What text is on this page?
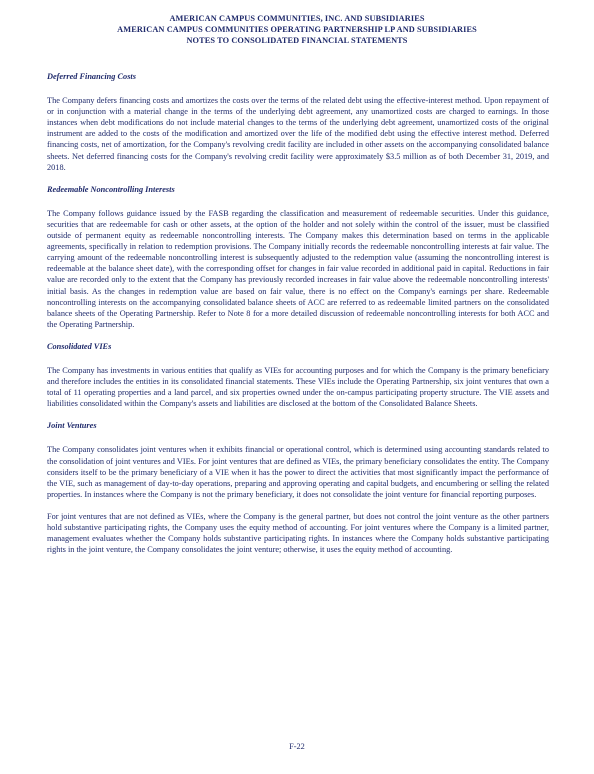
AMERICAN CAMPUS COMMUNITIES, INC. AND SUBSIDIARIES
AMERICAN CAMPUS COMMUNITIES OPERATING PARTNERSHIP LP AND SUBSIDIARIES
NOTES TO CONSOLIDATED FINANCIAL STATEMENTS

Deferred Financing Costs

The Company defers financing costs and amortizes the costs over the terms of the related debt using the effective-interest method. Upon repayment of or in conjunction with a material change in the terms of the underlying debt agreement, any unamortized costs are charged to earnings. In those instances when debt modifications do not include material changes to the terms of the underlying debt agreement, unamortized costs of the original instrument are added to the costs of the modification and amortized over the life of the modified debt using the effective interest method. Deferred financing costs, net of amortization, for the Company's revolving credit facility are included in other assets on the accompanying consolidated balance sheets. Net deferred financing costs for the Company's revolving credit facility were approximately $3.5 million as of both December 31, 2019, and 2018.

Redeemable Noncontrolling Interests

The Company follows guidance issued by the FASB regarding the classification and measurement of redeemable securities. Under this guidance, securities that are redeemable for cash or other assets, at the option of the holder and not solely within the control of the issuer, must be classified outside of permanent equity as redeemable noncontrolling interests. The Company makes this determination based on terms in the applicable agreements, specifically in relation to redemption provisions. The Company initially records the redeemable noncontrolling interests at fair value. The carrying amount of the redeemable noncontrolling interest is subsequently adjusted to the redemption value (assuming the noncontrolling interest is redeemable at the balance sheet date), with the corresponding offset for changes in fair value recorded in additional paid in capital. Reductions in fair value are recorded only to the extent that the Company has previously recorded increases in fair value above the redeemable noncontrolling interests' initial basis. As the changes in redemption value are based on fair value, there is no effect on the Company's earnings per share. Redeemable noncontrolling interests on the accompanying consolidated balance sheets of ACC are referred to as redeemable limited partners on the consolidated balance sheets of the Operating Partnership. Refer to Note 8 for a more detailed discussion of redeemable noncontrolling interests for both ACC and the Operating Partnership.

Consolidated VIEs

The Company has investments in various entities that qualify as VIEs for accounting purposes and for which the Company is the primary beneficiary and therefore includes the entities in its consolidated financial statements. These VIEs include the Operating Partnership, six joint ventures that own a total of 11 operating properties and a land parcel, and six properties owned under the on-campus participating property structure. The VIE assets and liabilities consolidated within the Company's assets and liabilities are disclosed at the bottom of the Consolidated Balance Sheets.

Joint Ventures

The Company consolidates joint ventures when it exhibits financial or operational control, which is determined using accounting standards related to the consolidation of joint ventures and VIEs. For joint ventures that are defined as VIEs, the primary beneficiary consolidates the entity. The Company considers itself to be the primary beneficiary of a VIE when it has the power to direct the activities that most significantly impact the performance of the VIE, such as management of day-to-day operations, preparing and approving operating and capital budgets, and encumbering or selling the related properties. In instances where the Company is not the primary beneficiary, it does not consolidate the joint venture for financial reporting purposes.

For joint ventures that are not defined as VIEs, where the Company is the general partner, but does not control the joint venture as the other partners hold substantive participating rights, the Company uses the equity method of accounting. For joint ventures where the Company is a limited partner, management evaluates whether the Company holds substantive participating rights. In instances where the Company holds substantive participating rights in the joint venture, the Company consolidates the joint venture; otherwise, it uses the equity method of accounting.

F-22
